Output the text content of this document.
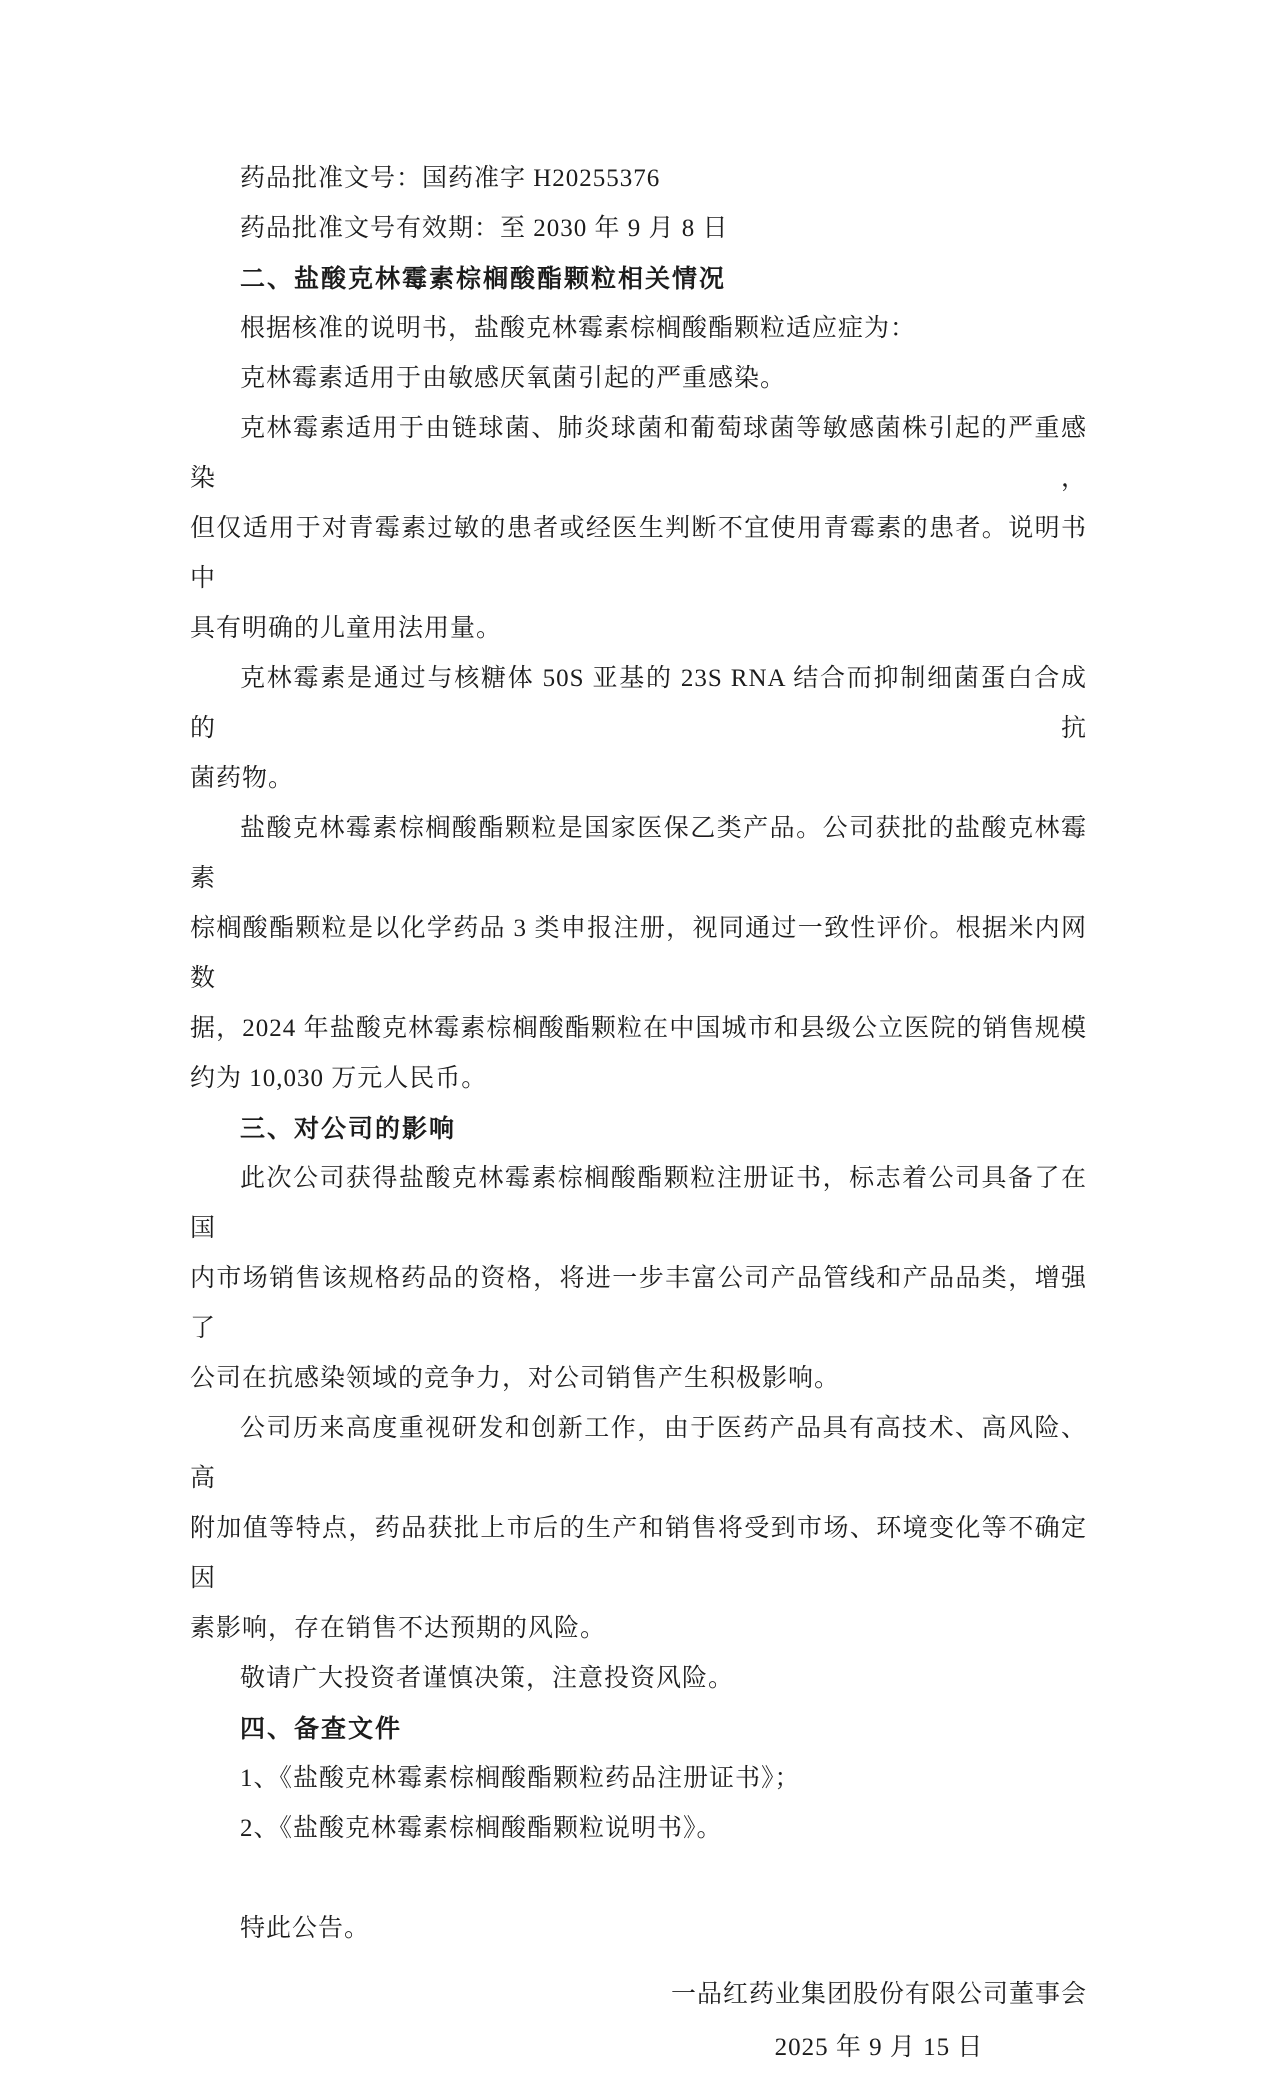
药品批准文号：国药准字 H20255376

药品批准文号有效期：至 2030 年 9 月 8 日

二、盐酸克林霉素棕榈酸酯颗粒相关情况

根据核准的说明书，盐酸克林霉素棕榈酸酯颗粒适应症为：

克林霉素适用于由敏感厌氧菌引起的严重感染。

克林霉素适用于由链球菌、肺炎球菌和葡萄球菌等敏感菌株引起的严重感染，

但仅适用于对青霉素过敏的患者或经医生判断不宜使用青霉素的患者。说明书中

具有明确的儿童用法用量。

克林霉素是通过与核糖体 50S 亚基的 23S RNA 结合而抑制细菌蛋白合成的抗

菌药物。

盐酸克林霉素棕榈酸酯颗粒是国家医保乙类产品。公司获批的盐酸克林霉素

棕榈酸酯颗粒是以化学药品 3 类申报注册，视同通过一致性评价。根据米内网数

据，2024 年盐酸克林霉素棕榈酸酯颗粒在中国城市和县级公立医院的销售规模

约为 10,030 万元人民币。

三、对公司的影响

此次公司获得盐酸克林霉素棕榈酸酯颗粒注册证书，标志着公司具备了在国

内市场销售该规格药品的资格，将进一步丰富公司产品管线和产品品类，增强了

公司在抗感染领域的竞争力，对公司销售产生积极影响。

公司历来高度重视研发和创新工作，由于医药产品具有高技术、高风险、高

附加值等特点，药品获批上市后的生产和销售将受到市场、环境变化等不确定因

素影响，存在销售不达预期的风险。

敬请广大投资者谨慎决策，注意投资风险。

四、备查文件

1、《盐酸克林霉素棕榈酸酯颗粒药品注册证书》；

2、《盐酸克林霉素棕榈酸酯颗粒说明书》。

特此公告。

一品红药业集团股份有限公司董事会

2025 年 9 月 15 日
